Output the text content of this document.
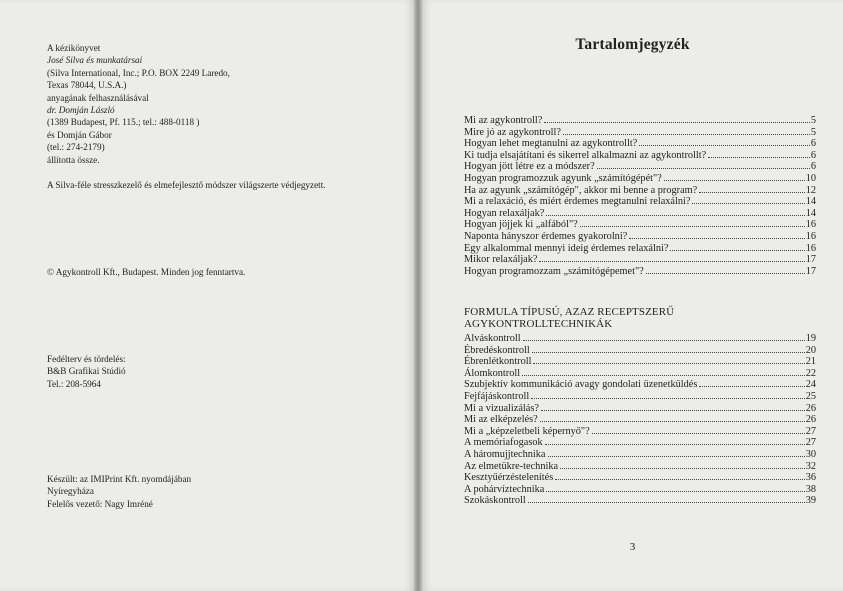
A kézikönyvet
José Silva és munkatársai
(Silva International, Inc.; P.O. BOX 2249 Laredo,
Texas 78044, U.S.A.)
anyagának felhasználásával
dr. Domján László
(1389 Budapest, Pf. 115.; tel.: 488-0118 )
és Domján Gábor
(tel.: 274-2179)
állította össze.
A Silva-féle stresszkezelő és elmefejlesztő módszer világszerte védjegyzett.
© Agykontroll Kft., Budapest. Minden jog fenntartva.
Fedélterv és tördelés:
B&B Grafikai Stúdió
Tel.: 208-5964
Készült: az IMIPrint Kft. nyomdájában
Nyíregyháza
Felelős vezető: Nagy Imréné
Tartalomjegyzék
Mi az agykontroll?	5
Mire jó az agykontroll?	5
Hogyan lehet megtanulni az agykontrollt?	6
Ki tudja elsajátítani és sikerrel alkalmazni az agykontrollt?	6
Hogyan jött létre ez a módszer?	6
Hogyan programozzuk agyunk „számítógépét"?	10
Ha az agyunk „számítógép", akkor mi benne a program?	12
Mi a relaxáció, és miért érdemes megtanulni relaxálni?	14
Hogyan relaxáljak?	14
Hogyan jöjjek ki „alfából"?	16
Naponta hányszor érdemes gyakorolni?	16
Egy alkalommal mennyi ideig érdemes relaxálni?	16
Mikor relaxáljak?	17
Hogyan programozzam „számítógépemet"?	17
FORMULA TÍPUSÚ, AZAZ RECEPTSZERŰ
AGYKONTROLLTECHNIKÁK
Alváskontroll	19
Ébredéskontroll	20
Ébrenlétkontroll	21
Álomkontroll	22
Szubjektív kommunikáció avagy gondolati üzenetküldés	24
Fejfájáskontroll	25
Mi a vizualizálás?	26
Mi az elképzelés?	26
Mi a „képzeletbeli képernyő"?	27
A memóriafogasok	27
A háromujjtechnika	30
Az elmetükre-technika	32
Kesztyűérzéstelenítés	36
A pohárvíztechnika	38
Szokáskontroll	39
3
